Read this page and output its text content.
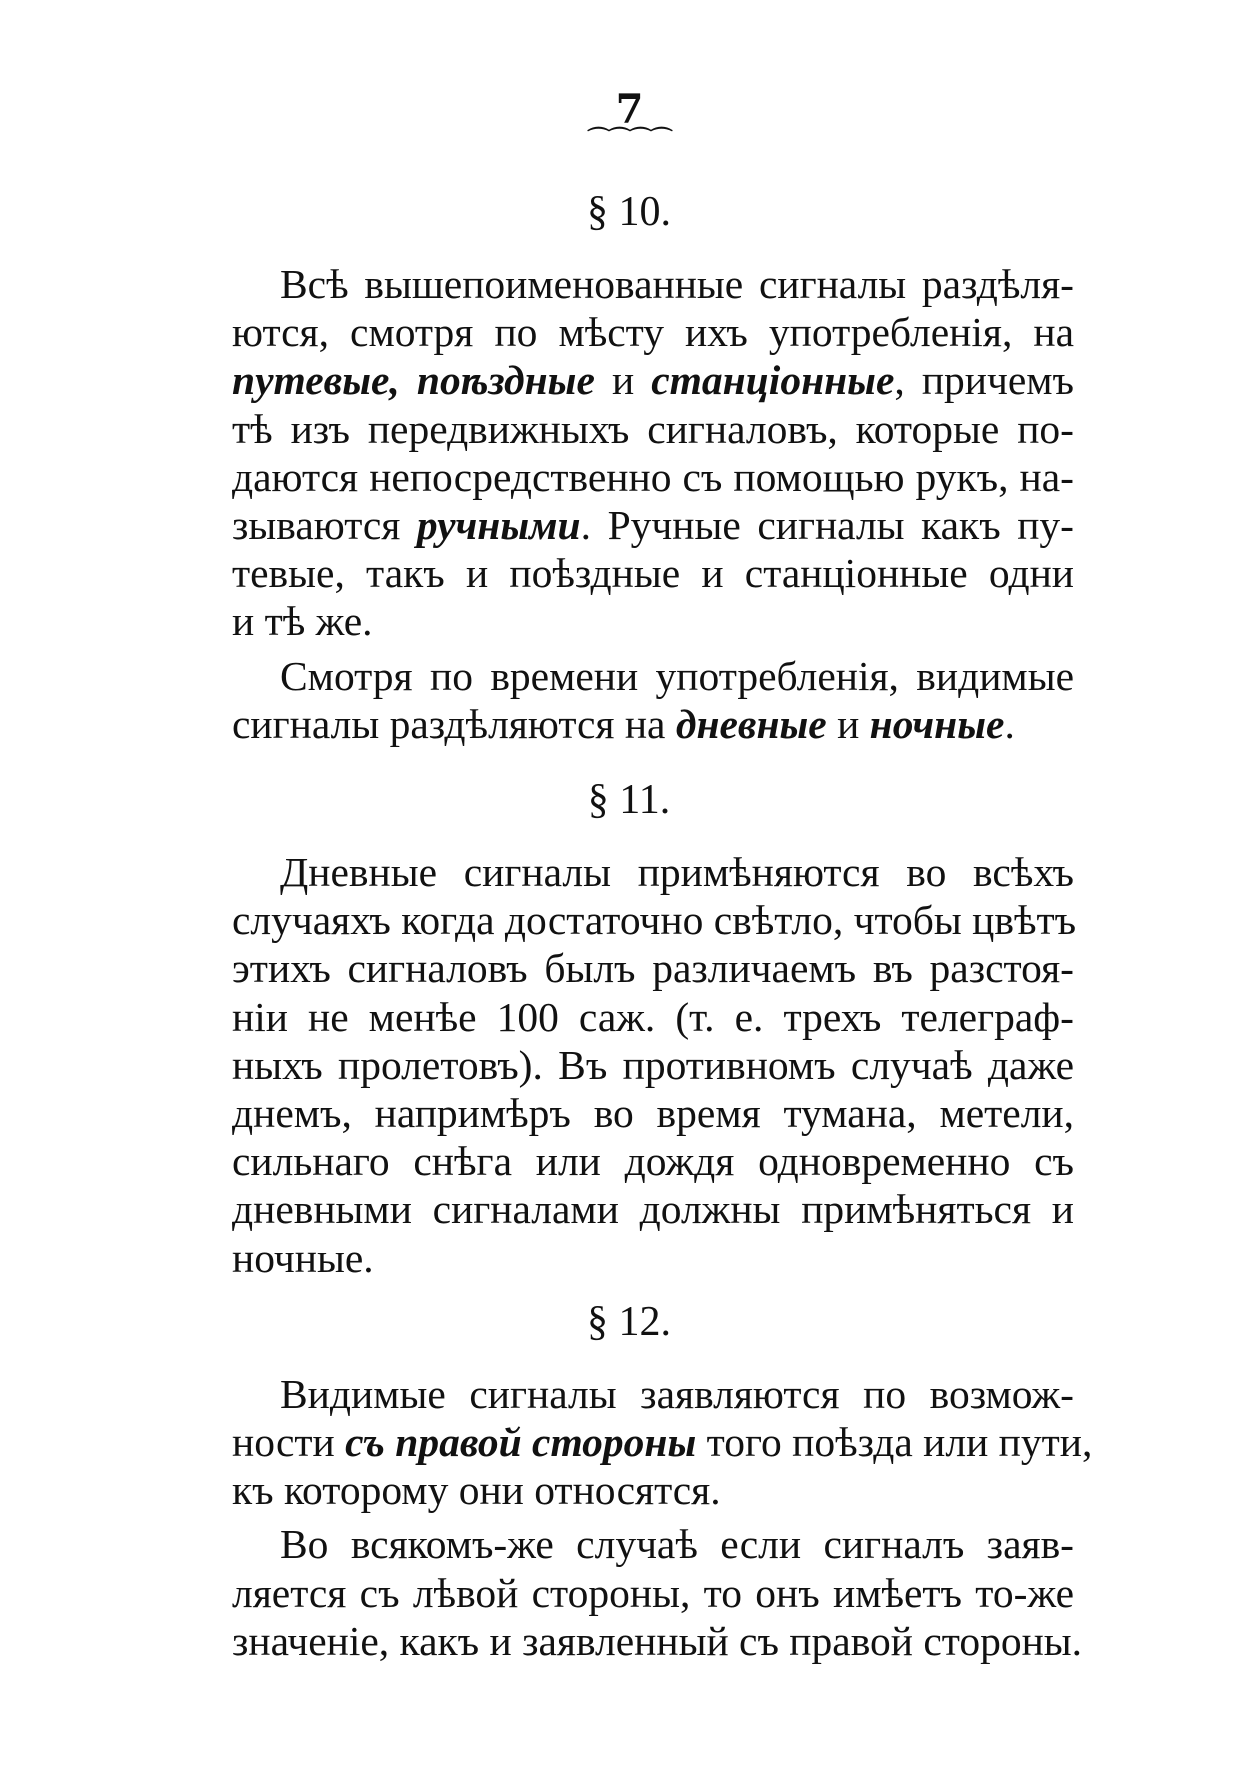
7
⌒⌒⌒⌒
§ 10.
Всѣ вышепоименованные сигналы раздѣля-
ются, смотря по мѣсту ихъ употребленія, на
путевые, поѣздные и станціонные, причемъ
тѣ изъ передвижныхъ сигналовъ, которые по-
даются непосредственно съ помощью рукъ, на-
зываются ручными. Ручные сигналы какъ пу-
тевые, такъ и поѣздные и станціонные одни
и тѣ же.
Смотря по времени употребленія, видимые
сигналы раздѣляются на дневные и ночные.
§ 11.
Дневные сигналы примѣняются во всѣхъ
случаяхъ когда достаточно свѣтло, чтобы цвѣтъ
этихъ сигналовъ былъ различаемъ въ разстоя-
ніи не менѣе 100 саж. (т. е. трехъ телеграф-
ныхъ пролетовъ). Въ противномъ случаѣ даже
днемъ, напримѣръ во время тумана, метели,
сильнаго снѣга или дождя одновременно съ
дневными сигналами должны примѣняться и
ночные.
§ 12.
Видимые сигналы заявляются по возмож-
ности съ правой стороны того поѣзда или пути,
къ которому они относятся.
Во всякомъ-же случаѣ если сигналъ заяв-
ляется съ лѣвой стороны, то онъ имѣетъ то-же
значеніе, какъ и заявленный съ правой стороны.
